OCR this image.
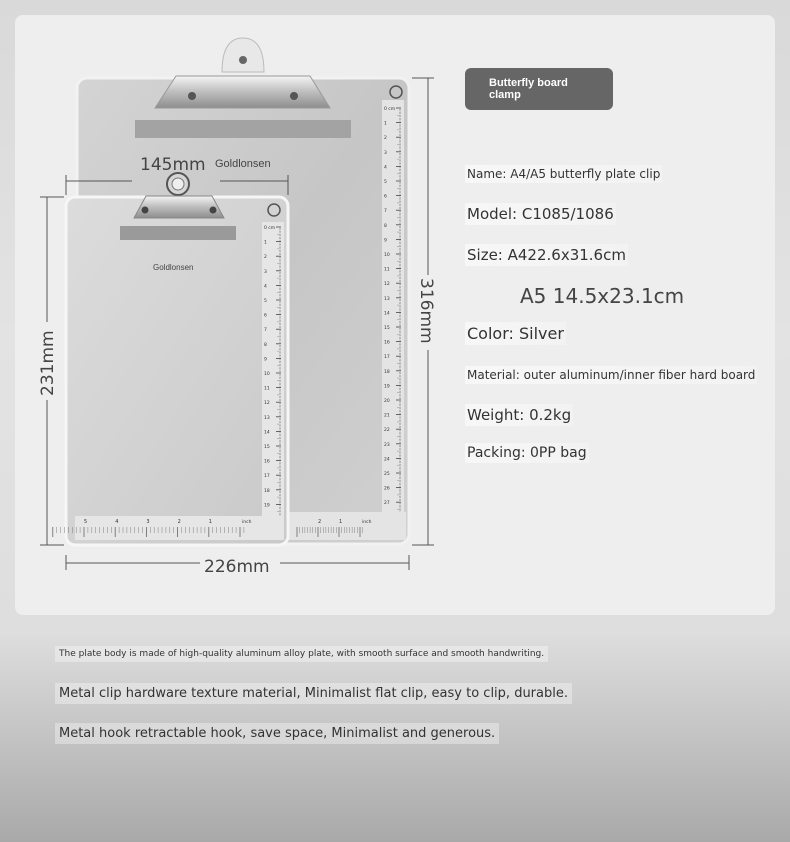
0 cm
1
2
3
4
5
6
7
8
9
10
11
12
13
14
15
16
17
18
19
20
21
22
23
24
25
26
27
2	1	inch
0 cm
1
2
3
4
5
6
7
8
9
10
11
12
13
14
15
16
17
18
19
5	4	3	2	1	inch
Goldlonsen
Goldlonsen
145mm
231mm
226mm
316mm
Butterfly board clamp
Name: A4/A5 butterfly plate clip
Model: C1085/1086
Size: A422.6x31.6cm
A5 14.5x23.1cm
Color: Silver
Material: outer aluminum/inner fiber hard board
Weight: 0.2kg
Packing: 0PP bag
The plate body is made of high-quality aluminum alloy plate, with smooth surface and smooth handwriting.
Metal clip hardware texture material, Minimalist flat clip, easy to clip, durable.
Metal hook retractable hook, save space, Minimalist and generous.
